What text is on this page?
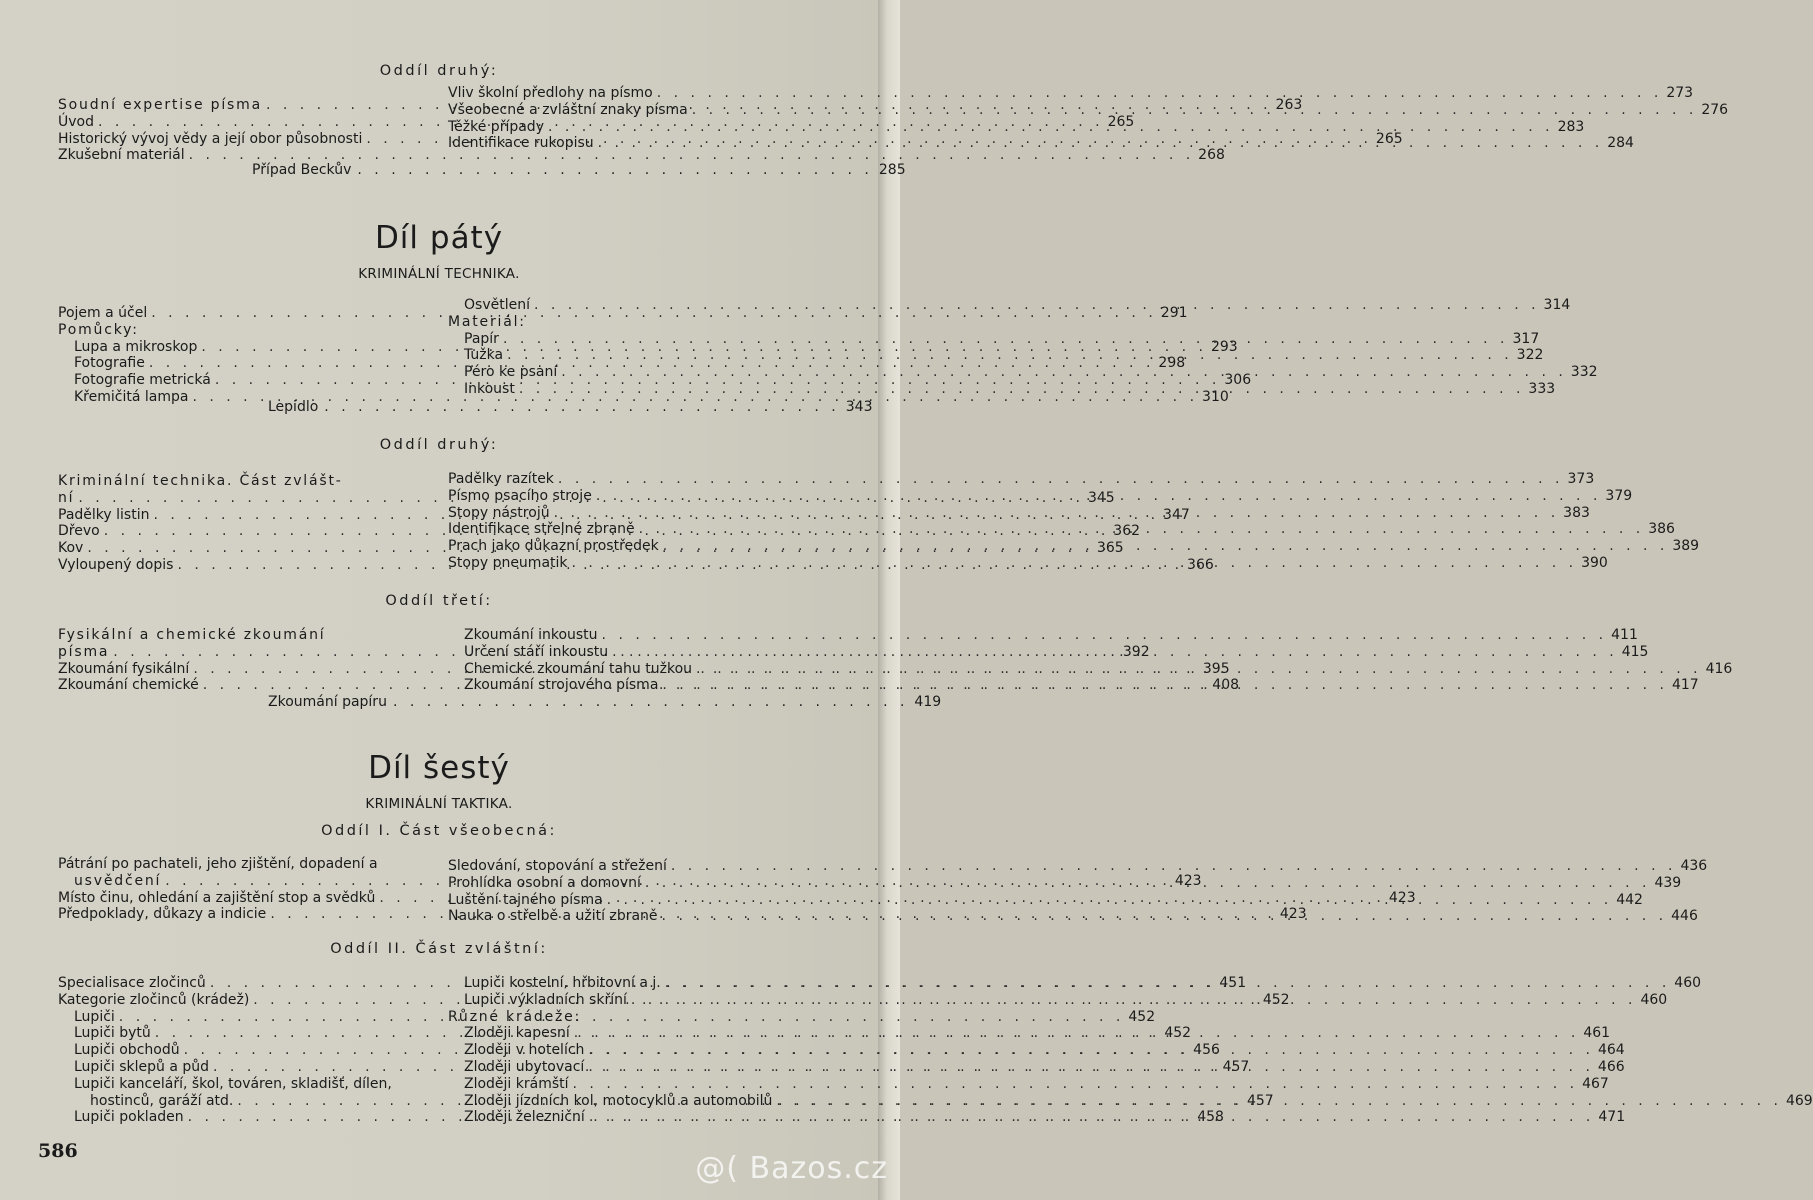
Oddíl druhý:
Soudní expertise písma . . .	263
Úvod . . .	265
Historický vývoj vědy a její obor působnosti . . .	265
Zkušební materiál . . .	268
Vliv školní předlohy na písmo . . .	273
Všeobecné a zvláštní znaky písma . . .	276
Těžké případy . . .	283
Identifikace rukopisu . . .	284
Případ Beckův . . . . . . . . . . . . . . . . . . . . . . . . . . . . . . . 285
Díl pátý
KRIMINÁLNÍ TECHNIKA.
Pojem a účel . . .	291
Pomůcky:
Lupa a mikroskop . . .	293
Fotografie . . .	298
Fotografie metrická . . .	306
Křemičitá lampa . . .	310
Osvětlení . . .	314
Materiál:
Papír . . .	317
Tužka . . .	322
Péro ke psaní . . .	332
Inkoust . . .	333
Lepidlo . . . . . . . . . . . . . . . . . . . . . . . . . . . . . . . 343
Oddíl druhý:
Kriminální technika. Část zvlášt-
ní . . .	345
Padělky listin . . .	347
Dřevo . . .	362
Kov . . .	365
Vyloupený dopis . . .	366
Padělky razítek . . .	373
Písmo psacího stroje . . .	379
Stopy nástrojů . . .	383
Identifikace střelné zbraně . . .	386
Prach jako důkazní prostředek . . .	389
Stopy pneumatik . . .	390
Oddíl třetí:
Fysikální a chemické zkoumání
písma . . .	392
Zkoumání fysikální . . .	395
Zkoumání chemické . . .	408
Zkoumání inkoustu . . .	411
Určení stáří inkoustu . . .	415
Chemické zkoumání tahu tužkou . . .	416
Zkoumání strojového písma . . .	417
Zkoumání papíru . . . . . . . . . . . . . . . . . . . . . . . . . . . . . . . 419
Díl šestý
KRIMINÁLNÍ TAKTIKA.
Oddíl I. Část všeobecná:
Pátrání po pachateli, jeho zjištění, dopadení a
usvědčení . . .	423
Místo činu, ohledání a zajištění stop a svědků . . .	423
Předpoklady, důkazy a indicie . . .	423
Sledování, stopování a střežení . . .	436
Prohlídka osobní a domovní . . .	439
Luštění tajného písma . . .	442
Nauka o střelbě a užití zbraně . . .	446
Oddíl II. Část zvláštní:
Specialisace zločinců . . .	451
Kategorie zločinců (krádež) . . .	452
Lupiči . . .	452
Lupiči bytů . . .	452
Lupiči obchodů . . .	456
Lupiči sklepů a půd . . .	457
Lupiči kanceláří, škol, továren, skladišť, dílen,
hostinců, garáží atd. . . .	457
Lupiči pokladen . . .	458
Lupiči kostelní, hřbitovní a j. . . .	460
Lupiči výkladních skříní . . .	460
Různé krádeže:
Zloději kapesní . . .	461
Zloději v hotelích . . .	464
Zloději ubytovací . . .	466
Zloději krámští . . .	467
Zloději jízdních kol, motocyklů a automobilů . . .	469
Zloději železniční . . .	471
586	@( Bazos.cz
